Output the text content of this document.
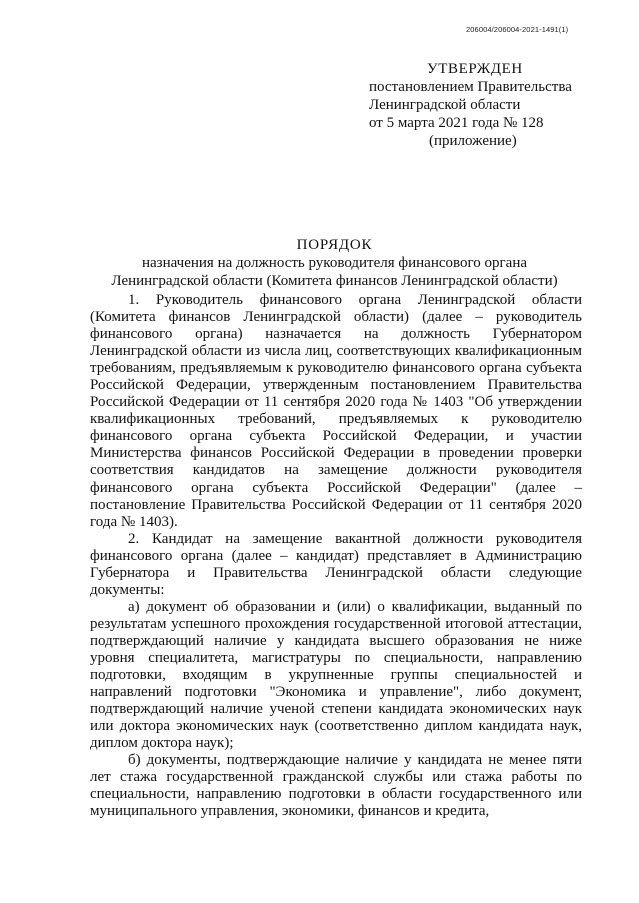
206004/206004-2021-1491(1)
УТВЕРЖДЕН
постановлением Правительства
Ленинградской области
от 5 марта 2021 года № 128
(приложение)
ПОРЯДОК
назначения на должность руководителя финансового органа
Ленинградской области (Комитета финансов Ленинградской области)

1. Руководитель финансового органа Ленинградской области (Комитета финансов Ленинградской области) (далее – руководитель финансового органа) назначается на должность Губернатором Ленинградской области из числа лиц, соответствующих квалификационным требованиям, предъявляемым к руководителю финансового органа субъекта Российской Федерации, утвержденным постановлением Правительства Российской Федерации от 11 сентября 2020 года № 1403 "Об утверждении квалификационных требований, предъявляемых к руководителю финансового органа субъекта Российской Федерации, и участии Министерства финансов Российской Федерации в проведении проверки соответствия кандидатов на замещение должности руководителя финансового органа субъекта Российской Федерации" (далее – постановление Правительства Российской Федерации от 11 сентября 2020 года № 1403).

2. Кандидат на замещение вакантной должности руководителя финансового органа (далее – кандидат) представляет в Администрацию Губернатора и Правительства Ленинградской области следующие документы:

а) документ об образовании и (или) о квалификации, выданный по результатам успешного прохождения государственной итоговой аттестации, подтверждающий наличие у кандидата высшего образования не ниже уровня специалитета, магистратуры по специальности, направлению подготовки, входящим в укрупненные группы специальностей и направлений подготовки "Экономика и управление", либо документ, подтверждающий наличие ученой степени кандидата экономических наук или доктора экономических наук (соответственно диплом кандидата наук, диплом доктора наук);

б) документы, подтверждающие наличие у кандидата не менее пяти лет стажа государственной гражданской службы или стажа работы по специальности, направлению подготовки в области государственного или муниципального управления, экономики, финансов и кредита,
